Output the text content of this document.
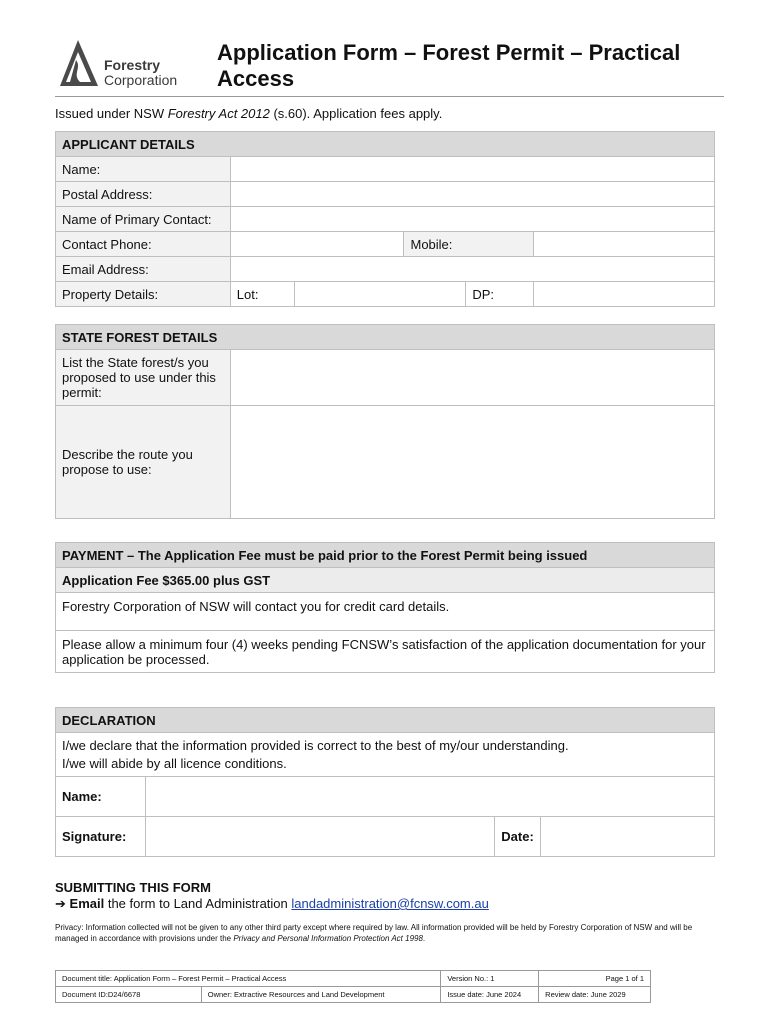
Forestry
Corporation
Application Form – Forest Permit – Practical Access
Issued under NSW Forestry Act 2012 (s.60). Application fees apply.
APPLICANT DETAILS					
Name:					
Postal Address:					
Name of Primary Contact:					
Contact Phone:			Mobile:		
Email Address:					
Property Details:	Lot:			DP:	
STATE FOREST DETAILS	
List the State forest/s you proposed to use under this permit:	
Describe the route you propose to use:	
PAYMENT – The Application Fee must be paid prior to the Forest Permit being issued
Application Fee $365.00 plus GST
Forestry Corporation of NSW will contact you for credit card details.
Please allow a minimum four (4) weeks pending FCNSW’s satisfaction of the application documentation for your application be processed.
DECLARATION			
I/we declare that the information provided is correct to the best of my/our understanding.
I/we will abide by all licence conditions.			
Name:			
Signature:		Date:	
SUBMITTING THIS FORM
➔ Email the form to Land Administration landadministration@fcnsw.com.au
Privacy: Information collected will not be given to any other third party except where required by law. All information provided will be held by Forestry Corporation of NSW and will be managed in accordance with provisions under the Privacy and Personal Information Protection Act 1998.
Document title: Application Form – Forest Permit – Practical Access		Version No.: 1	Page 1 of 1
Document ID:D24/6678	Owner: Extractive Resources and Land Development	Issue date: June 2024	Review date: June 2029
